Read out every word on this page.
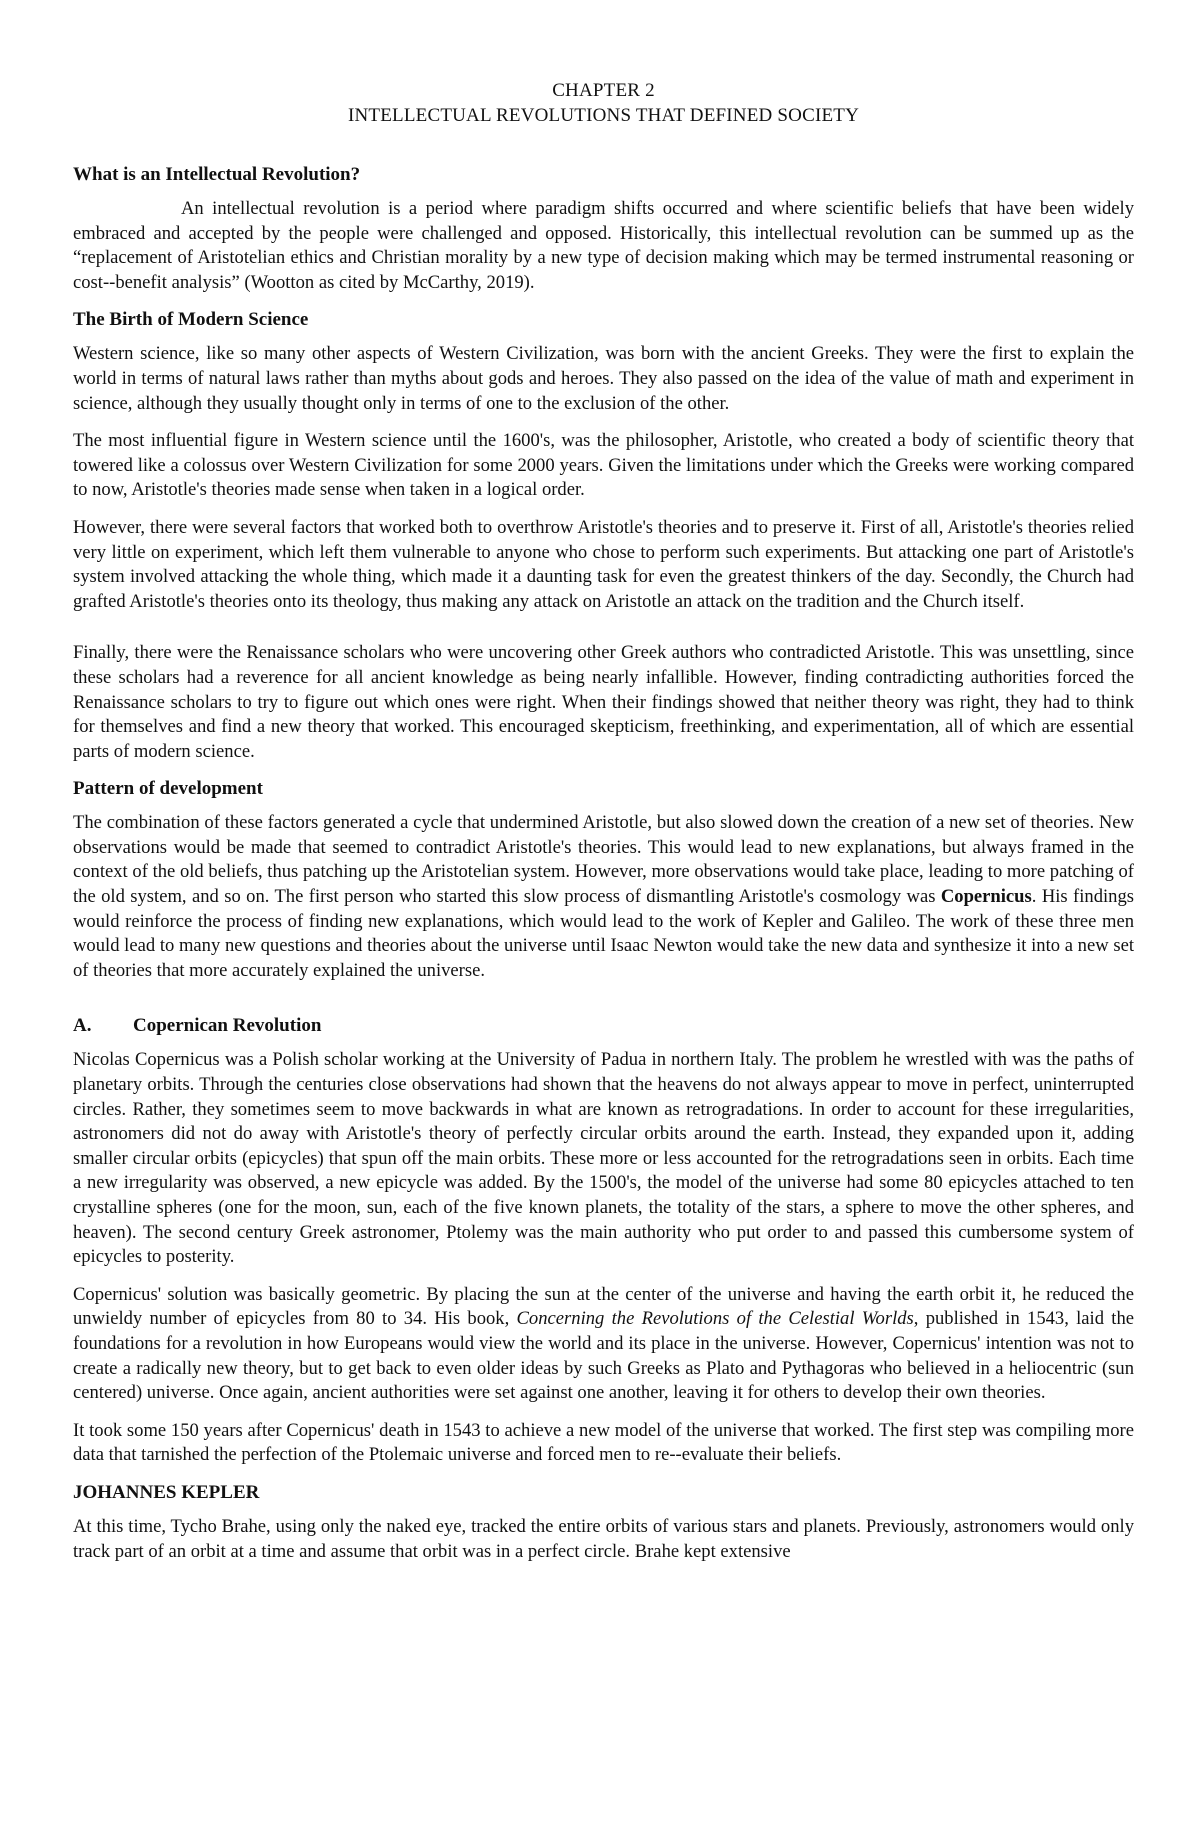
CHAPTER 2
INTELLECTUAL REVOLUTIONS THAT DEFINED SOCIETY
What is an Intellectual Revolution?

An intellectual revolution is a period where paradigm shifts occurred and where scientific beliefs that have been widely embraced and accepted by the people were challenged and opposed. Historically, this intellectual revolution can be summed up as the “replacement of Aristotelian ethics and Christian morality by a new type of decision making which may be termed instrumental reasoning or cost--benefit analysis” (Wootton as cited by McCarthy, 2019).

The Birth of Modern Science

Western science, like so many other aspects of Western Civilization, was born with the ancient Greeks. They were the first to explain the world in terms of natural laws rather than myths about gods and heroes. They also passed on the idea of the value of math and experiment in science, although they usually thought only in terms of one to the exclusion of the other.

The most influential figure in Western science until the 1600's, was the philosopher, Aristotle, who created a body of scientific theory that towered like a colossus over Western Civilization for some 2000 years. Given the limitations under which the Greeks were working compared to now, Aristotle's theories made sense when taken in a logical order.

However, there were several factors that worked both to overthrow Aristotle's theories and to preserve it. First of all, Aristotle's theories relied very little on experiment, which left them vulnerable to anyone who chose to perform such experiments. But attacking one part of Aristotle's system involved attacking the whole thing, which made it a daunting task for even the greatest thinkers of the day. Secondly, the Church had grafted Aristotle's theories onto its theology, thus making any attack on Aristotle an attack on the tradition and the Church itself.

Finally, there were the Renaissance scholars who were uncovering other Greek authors who contradicted Aristotle. This was unsettling, since these scholars had a reverence for all ancient knowledge as being nearly infallible. However, finding contradicting authorities forced the Renaissance scholars to try to figure out which ones were right. When their findings showed that neither theory was right, they had to think for themselves and find a new theory that worked. This encouraged skepticism, freethinking, and experimentation, all of which are essential parts of modern science.

Pattern of development

The combination of these factors generated a cycle that undermined Aristotle, but also slowed down the creation of a new set of theories. New observations would be made that seemed to contradict Aristotle's theories. This would lead to new explanations, but always framed in the context of the old beliefs, thus patching up the Aristotelian system. However, more observations would take place, leading to more patching of the old system, and so on. The first person who started this slow process of dismantling Aristotle's cosmology was Copernicus. His findings would reinforce the process of finding new explanations, which would lead to the work of Kepler and Galileo. The work of these three men would lead to many new questions and theories about the universe until Isaac Newton would take the new data and synthesize it into a new set of theories that more accurately explained the universe.

A. Copernican Revolution

Nicolas Copernicus was a Polish scholar working at the University of Padua in northern Italy. The problem he wrestled with was the paths of planetary orbits. Through the centuries close observations had shown that the heavens do not always appear to move in perfect, uninterrupted circles. Rather, they sometimes seem to move backwards in what are known as retrogradations. In order to account for these irregularities, astronomers did not do away with Aristotle's theory of perfectly circular orbits around the earth. Instead, they expanded upon it, adding smaller circular orbits (epicycles) that spun off the main orbits. These more or less accounted for the retrogradations seen in orbits. Each time a new irregularity was observed, a new epicycle was added. By the 1500's, the model of the universe had some 80 epicycles attached to ten crystalline spheres (one for the moon, sun, each of the five known planets, the totality of the stars, a sphere to move the other spheres, and heaven). The second century Greek astronomer, Ptolemy was the main authority who put order to and passed this cumbersome system of epicycles to posterity.

Copernicus' solution was basically geometric. By placing the sun at the center of the universe and having the earth orbit it, he reduced the unwieldy number of epicycles from 80 to 34. His book, Concerning the Revolutions of the Celestial Worlds, published in 1543, laid the foundations for a revolution in how Europeans would view the world and its place in the universe. However, Copernicus' intention was not to create a radically new theory, but to get back to even older ideas by such Greeks as Plato and Pythagoras who believed in a heliocentric (sun centered) universe. Once again, ancient authorities were set against one another, leaving it for others to develop their own theories.

It took some 150 years after Copernicus' death in 1543 to achieve a new model of the universe that worked. The first step was compiling more data that tarnished the perfection of the Ptolemaic universe and forced men to re--evaluate their beliefs.

JOHANNES KEPLER

At this time, Tycho Brahe, using only the naked eye, tracked the entire orbits of various stars and planets. Previously, astronomers would only track part of an orbit at a time and assume that orbit was in a perfect circle. Brahe kept extensive
